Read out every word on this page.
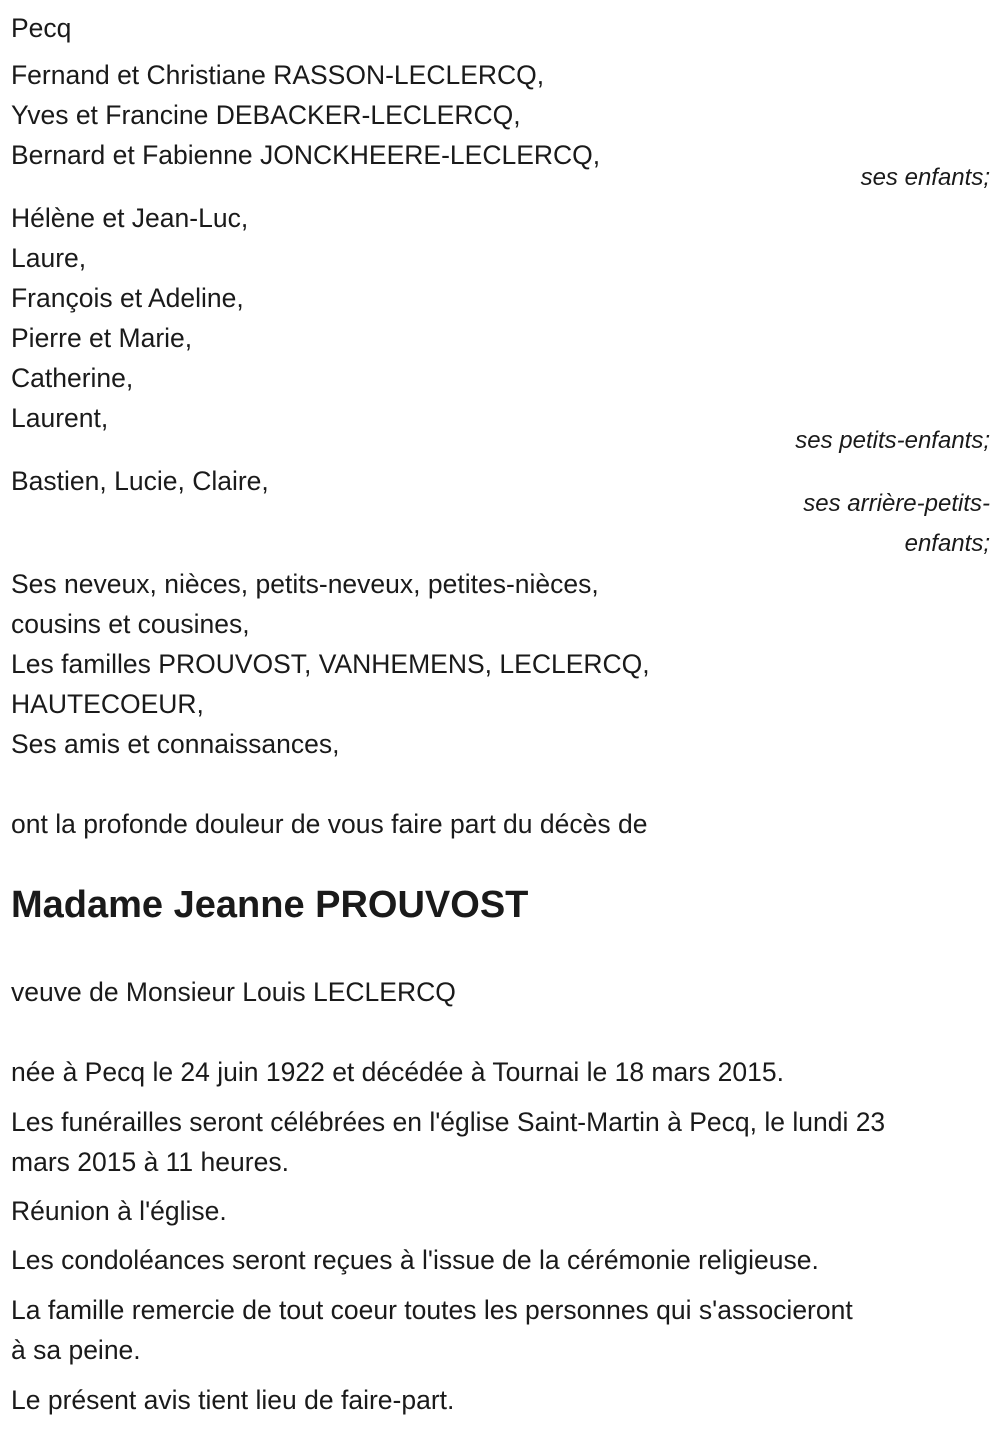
Pecq
Fernand et Christiane RASSON-LECLERCQ,
Yves et Francine DEBACKER-LECLERCQ,
Bernard et Fabienne JONCKHEERE-LECLERCQ,
ses enfants;
Hélène et Jean-Luc,
Laure,
François et Adeline,
Pierre et Marie,
Catherine,
Laurent,
ses petits-enfants;
Bastien, Lucie, Claire,
ses arrière-petits-
enfants;
Ses neveux, nièces, petits-neveux, petites-nièces,
cousins et cousines,
Les familles PROUVOST, VANHEMENS, LECLERCQ,
HAUTECOEUR,
Ses amis et connaissances,
ont la profonde douleur de vous faire part du décès de
Madame Jeanne PROUVOST
veuve de Monsieur Louis LECLERCQ
née à Pecq le 24 juin 1922 et décédée à Tournai le 18 mars 2015.
Les funérailles seront célébrées en l'église Saint-Martin à Pecq, le lundi 23
mars 2015 à 11 heures.
Réunion à l'église.
Les condoléances seront reçues à l'issue de la cérémonie religieuse.
La famille remercie de tout coeur toutes les personnes qui s'associeront
à sa peine.
Le présent avis tient lieu de faire-part.
